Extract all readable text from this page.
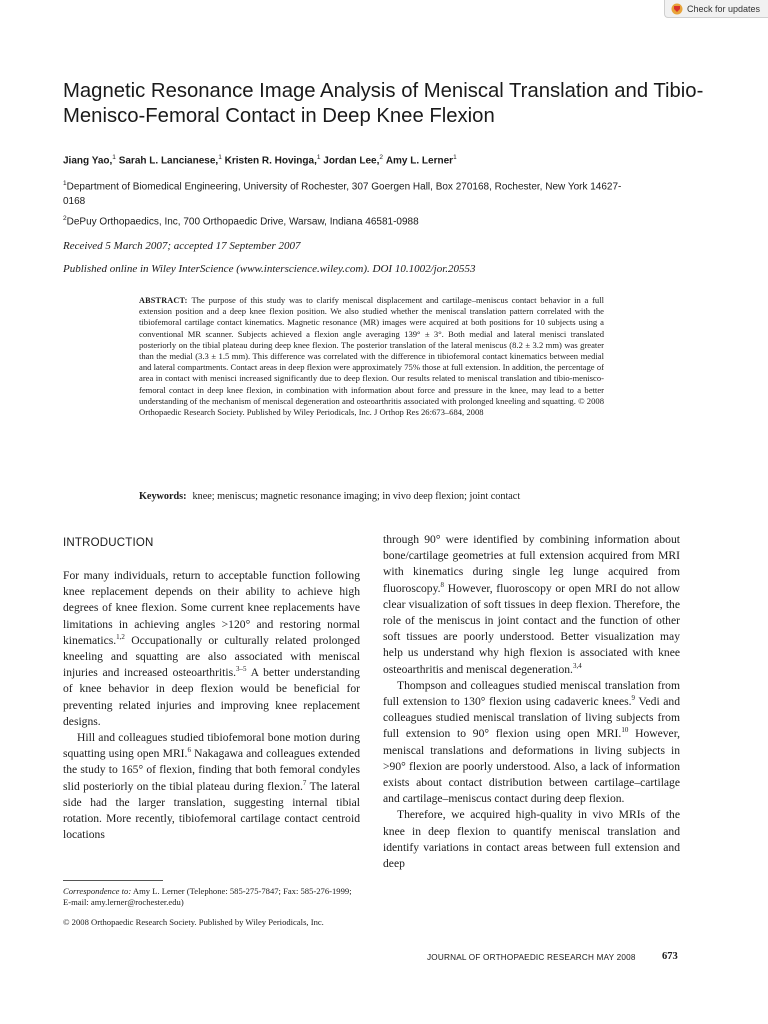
Check for updates
Magnetic Resonance Image Analysis of Meniscal Translation and Tibio-Menisco-Femoral Contact in Deep Knee Flexion

Jiang Yao,$^1$ Sarah L. Lancianese,$^1$ Kristen R. Hovinga,$^1$ Jordan Lee,$^2$ Amy L. Lerner$^1$

$^1$Department of Biomedical Engineering, University of Rochester, 307 Goergen Hall, Box 270168, Rochester, New York 14627-0168

$^2$DePuy Orthopaedics, Inc, 700 Orthopaedic Drive, Warsaw, Indiana 46581-0988

Received 5 March 2007; accepted 17 September 2007

Published online in Wiley InterScience (www.interscience.wiley.com). DOI 10.1002/jor.20553

ABSTRACT: The purpose of this study was to clarify meniscal displacement and cartilage–meniscus contact behavior in a full extension position and a deep knee flexion position. We also studied whether the meniscal translation pattern correlated with the tibiofemoral cartilage contact kinematics. Magnetic resonance (MR) images were acquired at both positions for 10 subjects using a conventional MR scanner. Subjects achieved a flexion angle averaging 139° ± 3°. Both medial and lateral menisci translated posteriorly on the tibial plateau during deep knee flexion. The posterior translation of the lateral meniscus (8.2 ± 3.2 mm) was greater than the medial (3.3 ± 1.5 mm). This difference was correlated with the difference in tibiofemoral contact kinematics between medial and lateral compartments. Contact areas in deep flexion were approximately 75% those at full extension. In addition, the percentage of area in contact with menisci increased significantly due to deep flexion. Our results related to meniscal translation and tibio-menisco-femoral contact in deep knee flexion, in combination with information about force and pressure in the knee, may lead to a better understanding of the mechanism of meniscal degeneration and osteoarthritis associated with prolonged kneeling and squatting. © 2008 Orthopaedic Research Society. Published by Wiley Periodicals, Inc. J Orthop Res 26:673–684, 2008

Keywords: knee; meniscus; magnetic resonance imaging; in vivo deep flexion; joint contact

INTRODUCTION

For many individuals, return to acceptable function following knee replacement depends on their ability to achieve high degrees of knee flexion. Some current knee replacements have limitations in achieving angles >120° and restoring normal kinematics.$^{1,2}$ Occupationally or culturally related prolonged kneeling and squatting are also associated with meniscal injuries and increased osteoarthritis.$^{3-5}$ A better understanding of knee behavior in deep flexion would be beneficial for preventing related injuries and improving knee replacement designs.

Hill and colleagues studied tibiofemoral bone motion during squatting using open MRI.$^6$ Nakagawa and colleagues extended the study to 165° of flexion, finding that both femoral condyles slid posteriorly on the tibial plateau during flexion.$^7$ The lateral side had the larger translation, suggesting internal tibial rotation. More recently, tibiofemoral cartilage contact centroid locations

through 90° were identified by combining information about bone/cartilage geometries at full extension acquired from MRI with kinematics during single leg lunge acquired from fluoroscopy.$^8$ However, fluoroscopy or open MRI do not allow clear visualization of soft tissues in deep flexion. Therefore, the role of the meniscus in joint contact and the function of other soft tissues are poorly understood. Better visualization may help us understand why high flexion is associated with knee osteoarthritis and meniscal degeneration.$^{3,4}$

Thompson and colleagues studied meniscal translation from full extension to 130° flexion using cadaveric knees.$^9$ Vedi and colleagues studied meniscal translation of living subjects from full extension to 90° flexion using open MRI.$^{10}$ However, meniscal translations and deformations in living subjects in >90° flexion are poorly understood. Also, a lack of information exists about contact distribution between cartilage–cartilage and cartilage–meniscus contact during deep flexion.

Therefore, we acquired high-quality in vivo MRIs of the knee in deep flexion to quantify meniscal translation and identify variations in contact areas between full extension and deep

Correspondence to: Amy L. Lerner (Telephone: 585-275-7847; Fax: 585-276-1999; E-mail: amy.lerner@rochester.edu)

© 2008 Orthopaedic Research Society. Published by Wiley Periodicals, Inc.

JOURNAL OF ORTHOPAEDIC RESEARCH MAY 2008	673
